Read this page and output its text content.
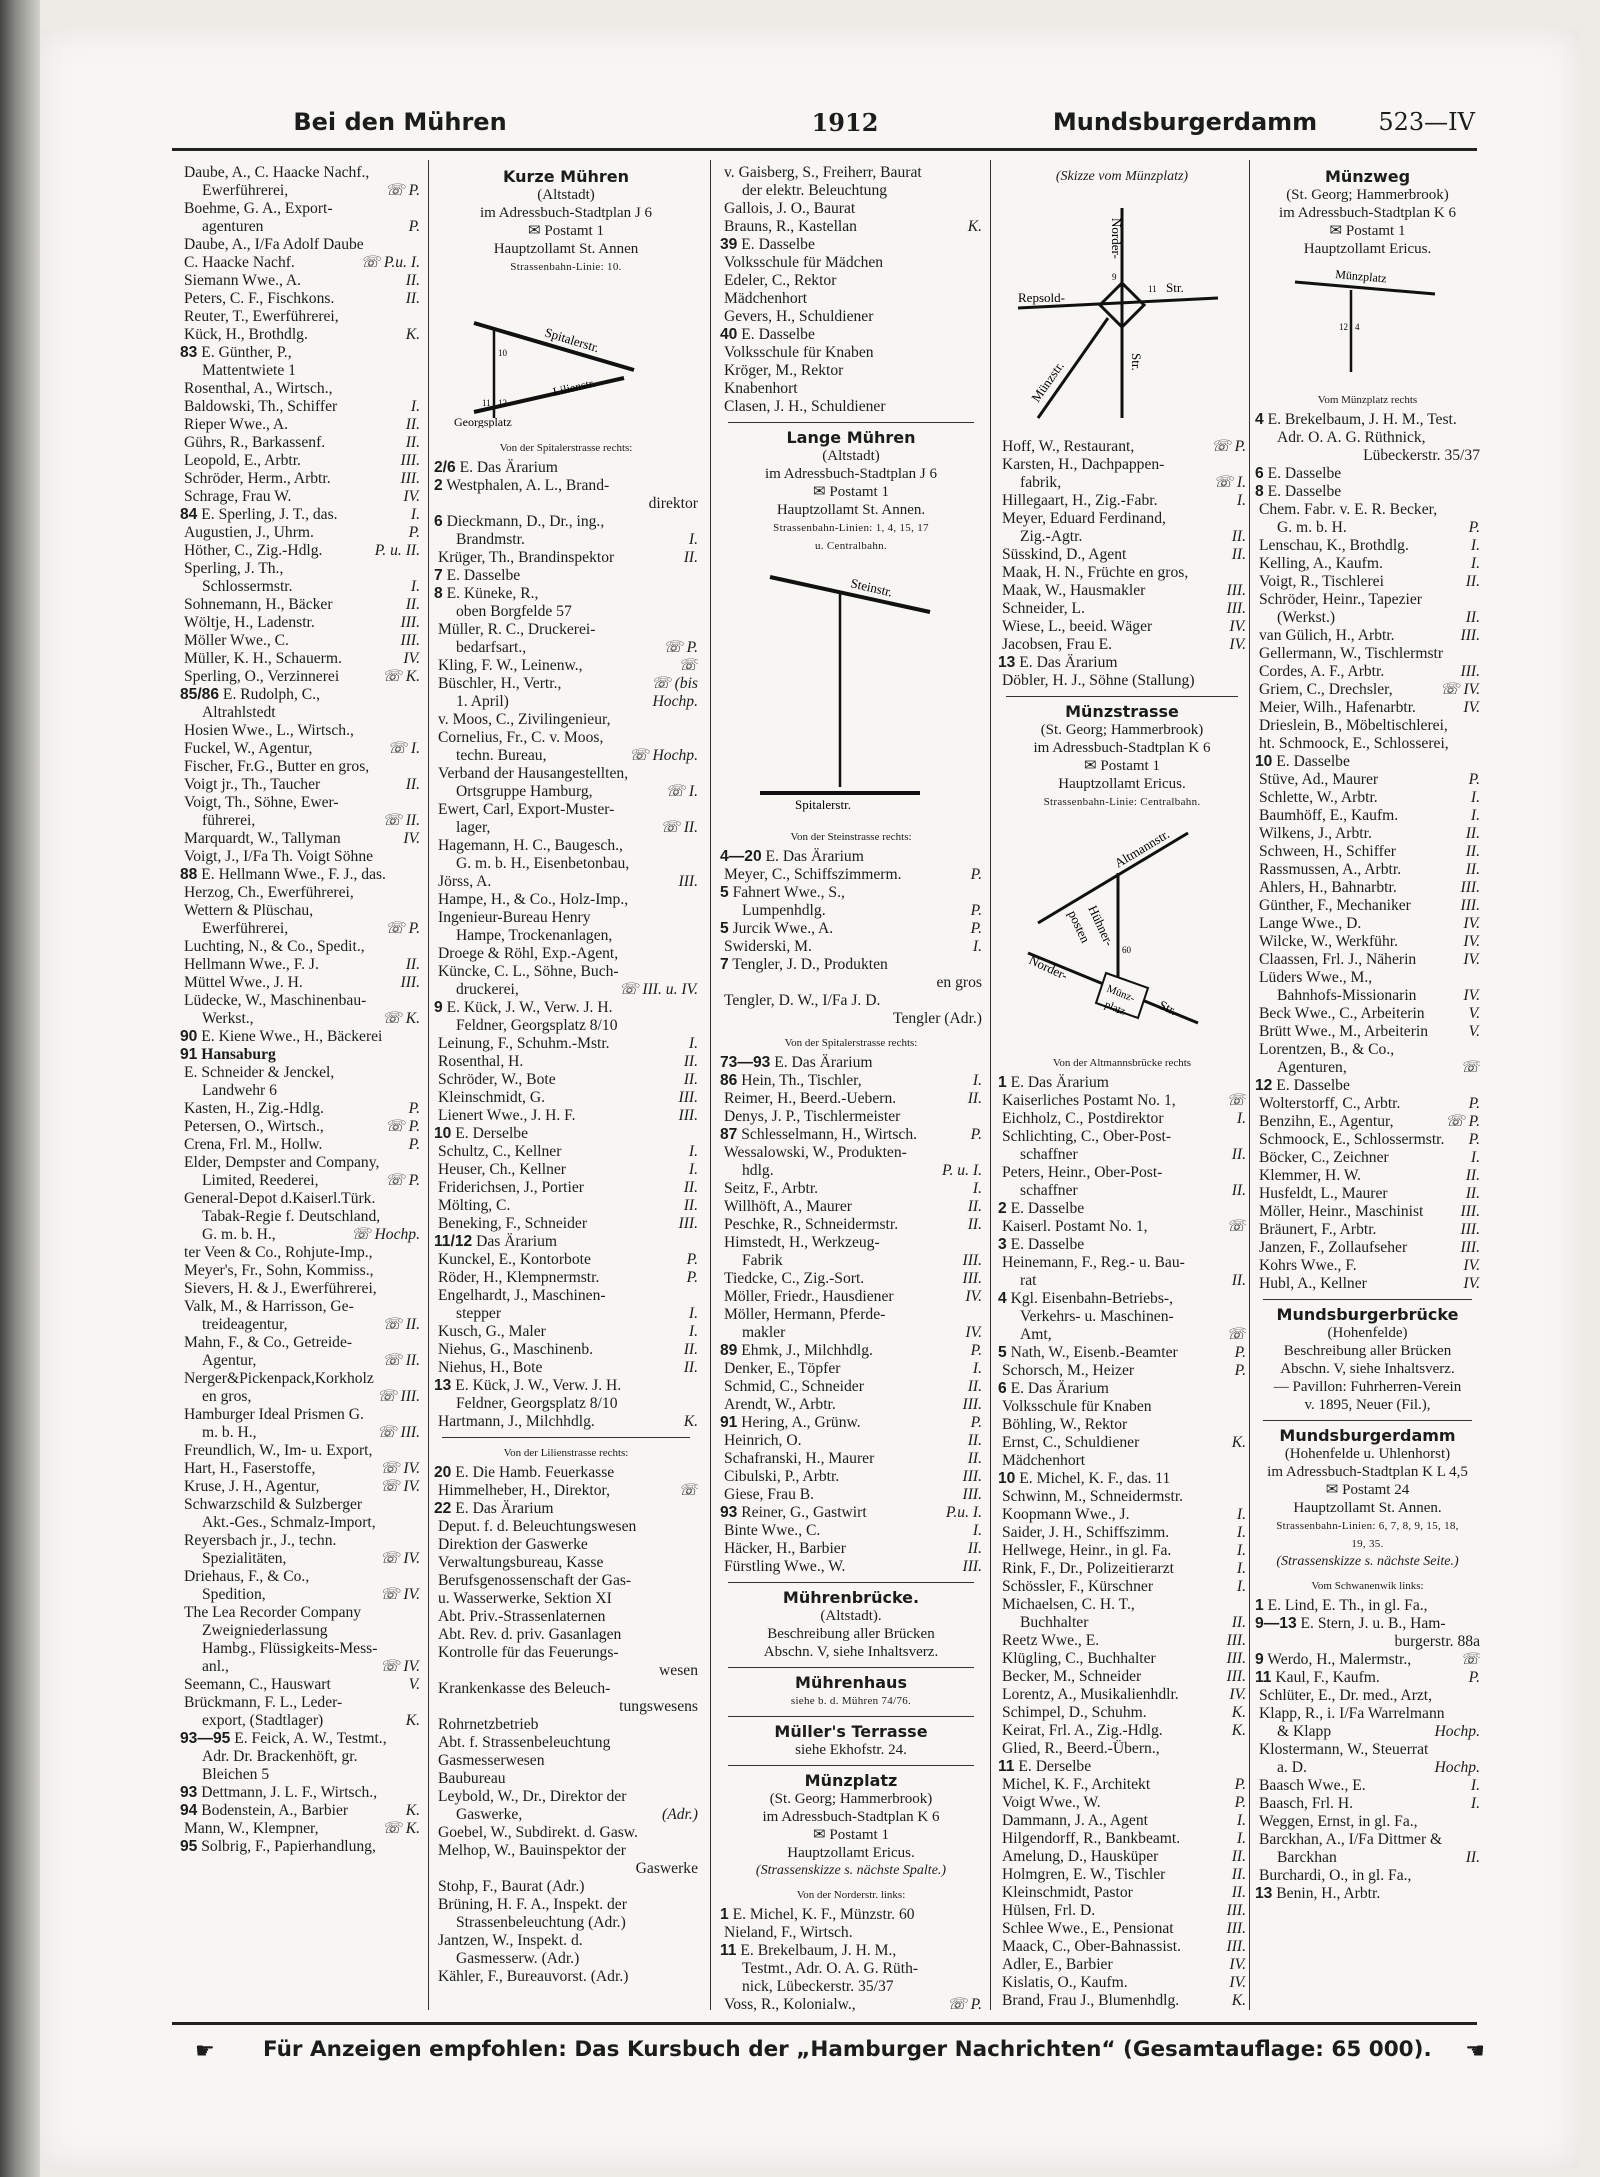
Bei den Mühren	1912	Mundsburgerdamm	523—IV
Daube, A., C. Haacke Nachf.,
Ewerführerei,	☏ P.
Boehme, G. A., Export-
agenturen	P.
Daube, A., I/Fa Adolf Daube
C. Haacke Nachf.	☏ P.u. I.
Siemann Wwe., A.	II.
Peters, C. F., Fischkons.	II.
Reuter, T., Ewerführerei,
Kück, H., Brothdlg.	K.
83 E. Günther, P.,
Mattentwiete 1
Rosenthal, A., Wirtsch.,
Baldowski, Th., Schiffer	I.
Rieper Wwe., A.	II.
Gührs, R., Barkassenf.	II.
Leopold, E., Arbtr.	III.
Schröder, Herm., Arbtr.	III.
Schrage, Frau W.	IV.
84 E. Sperling, J. T., das.	I.
Augustien, J., Uhrm.	P.
Höther, C., Zig.-Hdlg.	P. u. II.
Sperling, J. Th.,
Schlossermstr.	I.
Sohnemann, H., Bäcker	II.
Wöltje, H., Ladenstr.	III.
Möller Wwe., C.	III.
Müller, K. H., Schauerm.	IV.
Sperling, O., Verzinnerei	☏ K.
85/86 E. Rudolph, C.,
Altrahlstedt
Hosien Wwe., L., Wirtsch.,
Fuckel, W., Agentur,	☏ I.
Fischer, Fr.G., Butter en gros,
Voigt jr., Th., Taucher	II.
Voigt, Th., Söhne, Ewer-
führerei,	☏ II.
Marquardt, W., Tallyman	IV.
Voigt, J., I/Fa Th. Voigt Söhne
88 E. Hellmann Wwe., F. J., das.
Herzog, Ch., Ewerführerei,
Wettern & Plüschau,
Ewerführerei,	☏ P.
Luchting, N., & Co., Spedit.,
Hellmann Wwe., F. J.	II.
Müttel Wwe., J. H.	III.
Lüdecke, W., Maschinenbau-
Werkst.,	☏ K.
90 E. Kiene Wwe., H., Bäckerei
91 Hansaburg
E. Schneider & Jenckel,
Landwehr 6
Kasten, H., Zig.-Hdlg.	P.
Petersen, O., Wirtsch.,	☏ P.
Crena, Frl. M., Hollw.	P.
Elder, Dempster and Company,
Limited, Reederei,	☏ P.
General-Depot d.Kaiserl.Türk.
Tabak-Regie f. Deutschland,
G. m. b. H.,	☏ Hochp.
ter Veen & Co., Rohjute-Imp.,
Meyer's, Fr., Sohn, Kommiss.,
Sievers, H. & J., Ewerführerei,
Valk, M., & Harrisson, Ge-
treideagentur,	☏ II.
Mahn, F., & Co., Getreide-
Agentur,	☏ II.
Nerger&Pickenpack,Korkholz
en gros,	☏ III.
Hamburger Ideal Prismen G.
m. b. H.,	☏ III.
Freundlich, W., Im- u. Export,
Hart, H., Faserstoffe,	☏ IV.
Kruse, J. H., Agentur,	☏ IV.
Schwarzschild & Sulzberger
Akt.-Ges., Schmalz-Import,
Reyersbach jr., J., techn.
Spezialitäten,	☏ IV.
Driehaus, F., & Co.,
Spedition,	☏ IV.
The Lea Recorder Company
Zweigniederlassung
Hambg., Flüssigkeits-Mess-
anl.,	☏ IV.
Seemann, C., Hauswart	V.
Brückmann, F. L., Leder-
export, (Stadtlager)	K.
93—95 E. Feick, A. W., Testmt.,
Adr. Dr. Brackenhöft, gr.
Bleichen 5
93 Dettmann, J. L. F., Wirtsch.,
94 Bodenstein, A., Barbier	K.
Mann, W., Klempner,	☏ K.
95 Solbrig, F., Papierhandlung,
Kurze Mühren
(Altstadt)
im Adressbuch-Stadtplan J 6
✉ Postamt 1
Hauptzollamt St. Annen
Strassenbahn-Linie: 10.
Spitalerstr.
Georgsplatz
Lilienstr.
10
11 12
Von der Spitalerstrasse rechts:
2/6 E. Das Ärarium
2 Westphalen, A. L., Brand-
direktor
6 Dieckmann, D., Dr., ing.,
Brandmstr.	I.
Krüger, Th., Brandinspektor	II.
7 E. Dasselbe
8 E. Küneke, R.,
oben Borgfelde 57
Müller, R. C., Druckerei-
bedarfsart.,	☏ P.
Kling, F. W., Leinenw.,	☏
Büschler, H., Vertr.,	☏ (bis
1. April)	Hochp.
v. Moos, C., Zivilingenieur,
Cornelius, Fr., C. v. Moos,
techn. Bureau,	☏ Hochp.
Verband der Hausangestellten,
Ortsgruppe Hamburg,	☏ I.
Ewert, Carl, Export-Muster-
lager,	☏ II.
Hagemann, H. C., Baugesch.,
G. m. b. H., Eisenbetonbau,
Jörss, A.	III.
Hampe, H., & Co., Holz-Imp.,
Ingenieur-Bureau Henry
Hampe, Trockenanlagen,
Droege & Röhl, Exp.-Agent,
Küncke, C. L., Söhne, Buch-
druckerei,	☏ III. u. IV.
9 E. Kück, J. W., Verw. J. H.
Feldner, Georgsplatz 8/10
Leinung, F., Schuhm.-Mstr.	I.
Rosenthal, H.	II.
Schröder, W., Bote	II.
Kleinschmidt, G.	III.
Lienert Wwe., J. H. F.	III.
10 E. Derselbe
Schultz, C., Kellner	I.
Heuser, Ch., Kellner	I.
Friderichsen, J., Portier	II.
Mölting, C.	II.
Beneking, F., Schneider	III.
11/12 Das Ärarium
Kunckel, E., Kontorbote	P.
Röder, H., Klempnermstr.	P.
Engelhardt, J., Maschinen-
stepper	I.
Kusch, G., Maler	I.
Niehus, G., Maschinenb.	II.
Niehus, H., Bote	II.
13 E. Kück, J. W., Verw. J. H.
Feldner, Georgsplatz 8/10
Hartmann, J., Milchhdlg.	K.
Von der Lilienstrasse rechts:
20 E. Die Hamb. Feuerkasse
Himmelheber, H., Direktor,	☏
22 E. Das Ärarium
Deput. f. d. Beleuchtungswesen
Direktion der Gaswerke
Verwaltungsbureau, Kasse
Berufsgenossenschaft der Gas-
u. Wasserwerke, Sektion XI
Abt. Priv.-Strassenlaternen
Abt. Rev. d. priv. Gasanlagen
Kontrolle für das Feuerungs-
wesen
Krankenkasse des Beleuch-
tungswesens
Rohrnetzbetrieb
Abt. f. Strassenbeleuchtung
Gasmesserwesen
Baubureau
Leybold, W., Dr., Direktor der
Gaswerke,	(Adr.)
Goebel, W., Subdirekt. d. Gasw.
Melhop, W., Bauinspektor der
Gaswerke
Stohp, F., Baurat (Adr.)
Brüning, H. F. A., Inspekt. der
Strassenbeleuchtung (Adr.)
Jantzen, W., Inspekt. d.
Gasmesserw. (Adr.)
Kähler, F., Bureauvorst. (Adr.)
v. Gaisberg, S., Freiherr, Baurat
der elektr. Beleuchtung
Gallois, J. O., Baurat
Brauns, R., Kastellan	K.
39 E. Dasselbe
Volksschule für Mädchen
Edeler, C., Rektor
Mädchenhort
Gevers, H., Schuldiener
40 E. Dasselbe
Volksschule für Knaben
Kröger, M., Rektor
Knabenhort
Clasen, J. H., Schuldiener
Lange Mühren
(Altstadt)
im Adressbuch-Stadtplan J 6
✉ Postamt 1
Hauptzollamt St. Annen.
Strassenbahn-Linien: 1, 4, 15, 17
u. Centralbahn.
Steinstr.
Spitalerstr.
Von der Steinstrasse rechts:
4—20 E. Das Ärarium
Meyer, C., Schiffszimmerm.	P.
5 Fahnert Wwe., S.,
Lumpenhdlg.	P.
5 Jurcik Wwe., A.	P.
Swiderski, M.	I.
7 Tengler, J. D., Produkten
en gros
Tengler, D. W., I/Fa J. D.
Tengler (Adr.)
Von der Spitalerstrasse rechts:
73—93 E. Das Ärarium
86 Hein, Th., Tischler,	I.
Reimer, H., Beerd.-Uebern.	II.
Denys, J. P., Tischlermeister
87 Schlesselmann, H., Wirtsch.	P.
Wessalowski, W., Produkten-
hdlg.	P. u. I.
Seitz, F., Arbtr.	I.
Willhöft, A., Maurer	II.
Peschke, R., Schneidermstr.	II.
Himstedt, H., Werkzeug-
Fabrik	III.
Tiedcke, C., Zig.-Sort.	III.
Möller, Friedr., Hausdiener	IV.
Möller, Hermann, Pferde-
makler	IV.
89 Ehmk, J., Milchhdlg.	P.
Denker, E., Töpfer	I.
Schmid, C., Schneider	II.
Arendt, W., Arbtr.	III.
91 Hering, A., Grünw.	P.
Heinrich, O.	II.
Schafranski, H., Maurer	II.
Cibulski, P., Arbtr.	III.
Giese, Frau B.	III.
93 Reiner, G., Gastwirt	P.u. I.
Binte Wwe., C.	I.
Häcker, H., Barbier	II.
Fürstling Wwe., W.	III.
Mührenbrücke.
(Altstadt).
Beschreibung aller Brücken
Abschn. V, siehe Inhaltsverz.
Mührenhaus
siehe b. d. Mühren 74/76.
Müller's Terrasse
siehe Ekhofstr. 24.
Münzplatz
(St. Georg; Hammerbrook)
im Adressbuch-Stadtplan K 6
✉ Postamt 1
Hauptzollamt Ericus.
(Strassenskizze s. nächste Spalte.)
Von der Norderstr. links:
1 E. Michel, K. F., Münzstr. 60
Nieland, F., Wirtsch.
11 E. Brekelbaum, J. H. M.,
Testmt., Adr. O. A. G. Rüth-
nick, Lübeckerstr. 35/37
Voss, R., Kolonialw.,	☏ P.
(Skizze vom Münzplatz)
Norder-
Str.
Repsold-
Münzstr.
Str.
9
11
Hoff, W., Restaurant,	☏ P.
Karsten, H., Dachpappen-
fabrik,	☏ I.
Hillegaart, H., Zig.-Fabr.	I.
Meyer, Eduard Ferdinand,
Zig.-Agtr.	II.
Süsskind, D., Agent	II.
Maak, H. N., Früchte en gros,
Maak, W., Hausmakler	III.
Schneider, L.	III.
Wiese, L., beeid. Wäger	IV.
Jacobsen, Frau E.	IV.
13 E. Das Ärarium
Döbler, H. J., Söhne (Stallung)
Münzstrasse
(St. Georg; Hammerbrook)
im Adressbuch-Stadtplan K 6
✉ Postamt 1
Hauptzollamt Ericus.
Strassenbahn-Linie: Centralbahn.
Altmannstr.
Hühner-
posten
Norder-
Str.
Münz-
platz
60
Von der Altmannsbrücke rechts
1 E. Das Ärarium
Kaiserliches Postamt No. 1,	☏
Eichholz, C., Postdirektor	I.
Schlichting, C., Ober-Post-
schaffner	II.
Peters, Heinr., Ober-Post-
schaffner	II.
2 E. Dasselbe
Kaiserl. Postamt No. 1,	☏
3 E. Dasselbe
Heinemann, F., Reg.- u. Bau-
rat	II.
4 Kgl. Eisenbahn-Betriebs-,
Verkehrs- u. Maschinen-
Amt,	☏
5 Nath, W., Eisenb.-Beamter	P.
Schorsch, M., Heizer	P.
6 E. Das Ärarium
Volksschule für Knaben
Böhling, W., Rektor
Ernst, C., Schuldiener	K.
Mädchenhort
10 E. Michel, K. F., das. 11
Schwinn, M., Schneidermstr.
Koopmann Wwe., J.	I.
Saider, J. H., Schiffszimm.	I.
Hellwege, Heinr., in gl. Fa.	I.
Rink, F., Dr., Polizeitierarzt	I.
Schössler, F., Kürschner	I.
Michaelsen, C. H. T.,
Buchhalter	II.
Reetz Wwe., E.	III.
Klügling, C., Buchhalter	III.
Becker, M., Schneider	III.
Lorentz, A., Musikalienhdlr.	IV.
Schimpel, D., Schuhm.	K.
Keirat, Frl. A., Zig.-Hdlg.	K.
Glied, R., Beerd.-Übern.,
11 E. Derselbe
Michel, K. F., Architekt	P.
Voigt Wwe., W.	P.
Dammann, J. A., Agent	I.
Hilgendorff, R., Bankbeamt.	I.
Amelung, D., Hausküper	II.
Holmgren, E. W., Tischler	II.
Kleinschmidt, Pastor	II.
Hülsen, Frl. D.	III.
Schlee Wwe., E., Pensionat	III.
Maack, C., Ober-Bahnassist.	III.
Adler, E., Barbier	IV.
Kislatis, O., Kaufm.	IV.
Brand, Frau J., Blumenhdlg.	K.
Münzweg
(St. Georg; Hammerbrook)
im Adressbuch-Stadtplan K 6
✉ Postamt 1
Hauptzollamt Ericus.
Münzplatz
12 4
Vom Münzplatz rechts
4 E. Brekelbaum, J. H. M., Test.
Adr. O. A. G. Rüthnick,
Lübeckerstr. 35/37
6 E. Dasselbe
8 E. Dasselbe
Chem. Fabr. v. E. R. Becker,
G. m. b. H.	P.
Lenschau, K., Brothdlg.	I.
Kelling, A., Kaufm.	I.
Voigt, R., Tischlerei	II.
Schröder, Heinr., Tapezier
(Werkst.)	II.
van Gülich, H., Arbtr.	III.
Gellermann, W., Tischlermstr
Cordes, A. F., Arbtr.	III.
Griem, C., Drechsler,	☏ IV.
Meier, Wilh., Hafenarbtr.	IV.
Drieslein, B., Möbeltischlerei,
ht. Schmoock, E., Schlosserei,
10 E. Dasselbe
Stüve, Ad., Maurer	P.
Schlette, W., Arbtr.	I.
Baumhöff, E., Kaufm.	I.
Wilkens, J., Arbtr.	II.
Schween, H., Schiffer	II.
Rassmussen, A., Arbtr.	II.
Ahlers, H., Bahnarbtr.	III.
Günther, F., Mechaniker	III.
Lange Wwe., D.	IV.
Wilcke, W., Werkführ.	IV.
Claassen, Frl. J., Näherin	IV.
Lüders Wwe., M.,
Bahnhofs-Missionarin	IV.
Beck Wwe., C., Arbeiterin	V.
Brütt Wwe., M., Arbeiterin	V.
Lorentzen, B., & Co.,
Agenturen,	☏
12 E. Dasselbe
Wolterstorff, C., Arbtr.	P.
Benzihn, E., Agentur,	☏ P.
Schmoock, E., Schlossermstr. P.
Böcker, C., Zeichner	I.
Klemmer, H. W.	II.
Husfeldt, L., Maurer	II.
Möller, Heinr., Maschinist III.
Bräunert, F., Arbtr.	III.
Janzen, F., Zollaufseher	III.
Kohrs Wwe., F.	IV.
Hubl, A., Kellner	IV.
Mundsburgerbrücke
(Hohenfelde)
Beschreibung aller Brücken
Abschn. V, siehe Inhaltsverz.
— Pavillon: Fuhrherren-Verein
v. 1895, Neuer (Fil.),
Mundsburgerdamm
(Hohenfelde u. Uhlenhorst)
im Adressbuch-Stadtplan K L 4,5
✉ Postamt 24
Hauptzollamt St. Annen.
Strassenbahn-Linien: 6, 7, 8, 9, 15, 18,
19, 35.
(Strassenskizze s. nächste Seite.)
Vom Schwanenwik links:
1 E. Lind, E. Th., in gl. Fa.,
9—13 E. Stern, J. u. B., Ham-
burgerstr. 88a
9 Werdo, H., Malermstr.,	☏
11 Kaul, F., Kaufm.	P.
Schlüter, E., Dr. med., Arzt,
Klapp, R., i. I/Fa Warrelmann
& Klapp	Hochp.
Klostermann, W., Steuerrat
a. D.	Hochp.
Baasch Wwe., E.	I.
Baasch, Frl. H.	I.
Weggen, Ernst, in gl. Fa.,
Barckhan, A., I/Fa Dittmer &
Barckhan	II.
Burchardi, O., in gl. Fa.,
13 Benin, H., Arbtr.
☛ Für Anzeigen empfohlen: Das Kursbuch der „Hamburger Nachrichten“ (Gesamtauflage: 65 000). ☚
